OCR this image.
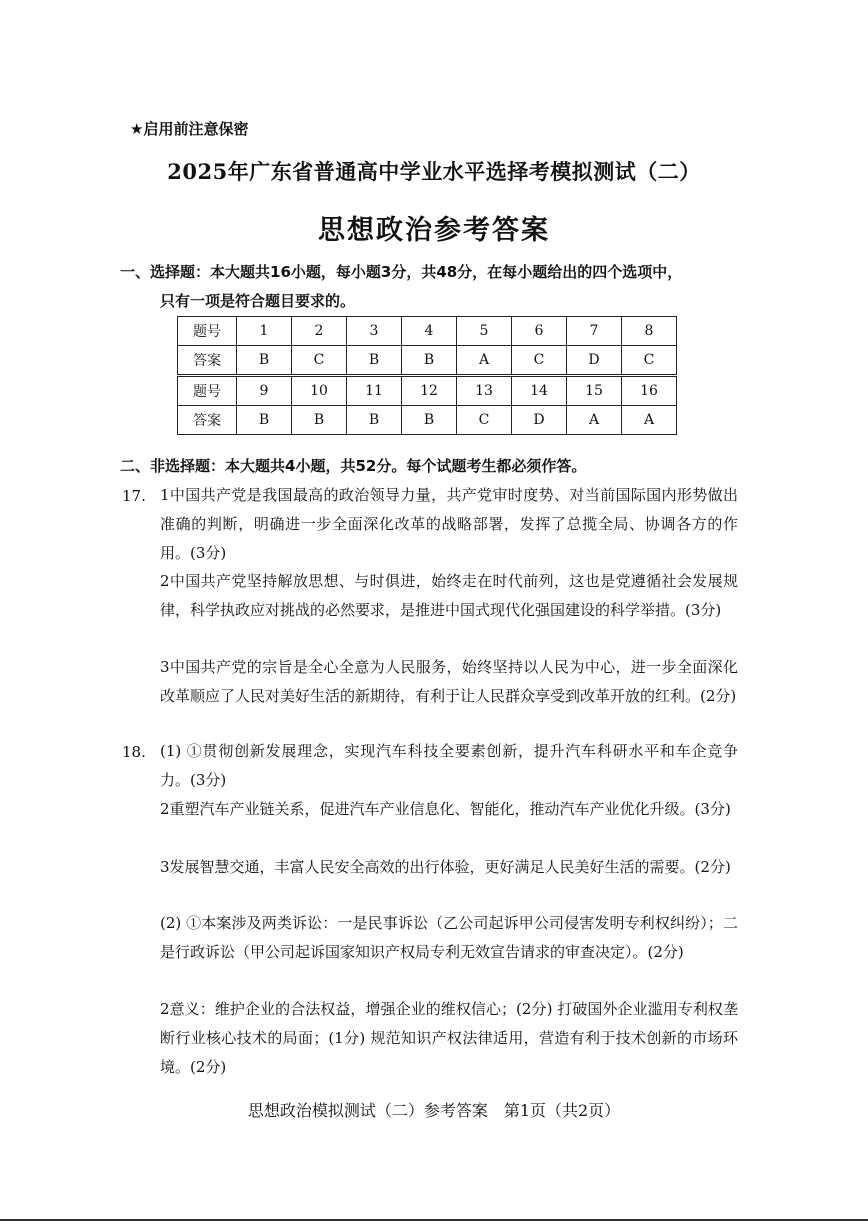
★启用前注意保密
2025年广东省普通高中学业水平选择考模拟测试（二）
思想政治参考答案
一、选择题：本大题共16小题，每小题3分，共48分，在每小题给出的四个选项中，
只有一项是符合题目要求的。
题号	1	2	3	4	5	6	7	8
答案	B	C	B	B	A	C	D	C
题号	9	10	11	12	13	14	15	16
答案	B	B	B	B	C	D	A	A
二、非选择题：本大题共4小题，共52分。每个试题考生都必须作答。
17. 1中国共产党是我国最高的政治领导力量，共产党审时度势、对当前国际国内形势做出准确的判断，明确进一步全面深化改革的战略部署，发挥了总揽全局、协调各方的作用。(3分)
2中国共产党坚持解放思想、与时俱进，始终走在时代前列，这也是党遵循社会发展规律，科学执政应对挑战的必然要求，是推进中国式现代化强国建设的科学举措。(3分)
3中国共产党的宗旨是全心全意为人民服务，始终坚持以人民为中心，进一步全面深化改革顺应了人民对美好生活的新期待，有利于让人民群众享受到改革开放的红利。(2分)
18. (1) ①贯彻创新发展理念，实现汽车科技全要素创新，提升汽车科研水平和车企竞争力。(3分)
2重塑汽车产业链关系，促进汽车产业信息化、智能化，推动汽车产业优化升级。(3分)
3发展智慧交通，丰富人民安全高效的出行体验，更好满足人民美好生活的需要。(2分)
(2) ①本案涉及两类诉讼：一是民事诉讼（乙公司起诉甲公司侵害发明专利权纠纷）；二是行政诉讼（甲公司起诉国家知识产权局专利无效宣告请求的审查决定）。(2分)
2意义：维护企业的合法权益，增强企业的维权信心；(2分) 打破国外企业滥用专利权垄断行业核心技术的局面；(1分) 规范知识产权法律适用，营造有利于技术创新的市场环境。(2分)
思想政治模拟测试（二）参考答案　第1页（共2页）
